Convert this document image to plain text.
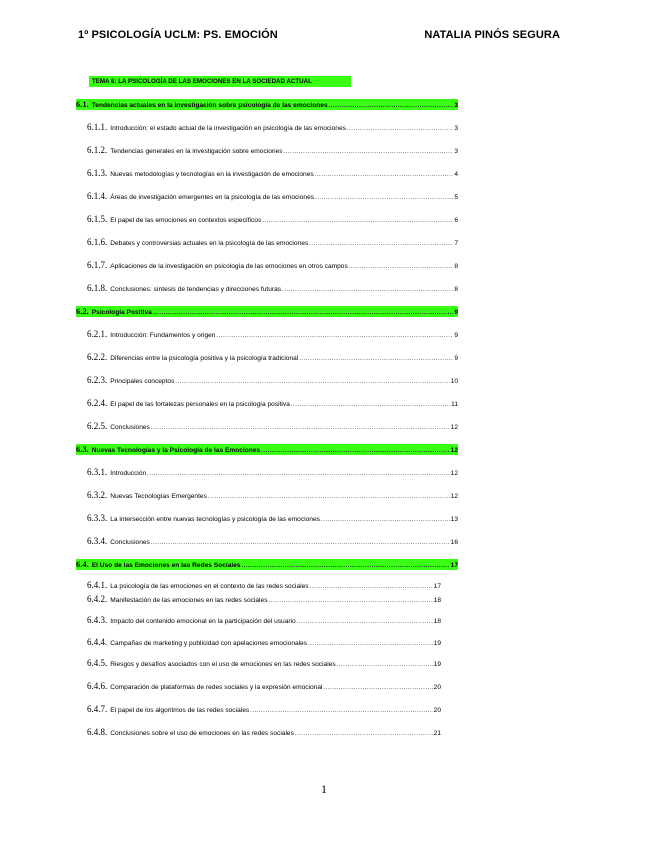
1º PSICOLOGÍA UCLM: PS. EMOCIÓN	NATALIA PINÓS SEGURA
TEMA 6: LA PSICOLOGÍA DE LAS EMOCIONES EN LA SOCIEDAD ACTUAL
6.1. Tendencias actuales en la investigación sobre psicología de las emociones .....	3
6.1.1. Introducción: el estado actual de la investigación en psicología de las emociones .....	3
6.1.2. Tendencias generales en la investigación sobre emociones .....	3
6.1.3. Nuevas metodologías y tecnologías en la investigación de emociones .....	4
6.1.4. Áreas de investigación emergentes en la psicología de las emociones .....	5
6.1.5. El papel de las emociones en contextos específicos .....	6
6.1.6. Debates y controversias actuales en la psicología de las emociones .....	7
6.1.7. Aplicaciones de la investigación en psicología de las emociones en otros campos .....	8
6.1.8. Conclusiones: síntesis de tendencias y direcciones futuras .....	8
6.2. Psicología Positiva .....	9
6.2.1. Introducción: Fundamentos y origen .....	9
6.2.2. Diferencias entre la psicología positiva y la psicología tradicional .....	9
6.2.3. Principales conceptos .....	10
6.2.4. El papel de las fortalezas personales en la psicología positiva .....	11
6.2.5. Conclusiones .....	12
6.3. Nuevas Tecnologías y la Psicología de las Emociones .....	12
6.3.1. Introducción .....	12
6.3.2. Nuevas Tecnologías Emergentes .....	12
6.3.3. La intersección entre nuevas tecnologías y psicología de las emociones .....	13
6.3.4. Conclusiones .....	16
6.4. El Uso de las Emociones en las Redes Sociales .....	17
6.4.1. La psicología de las emociones en el contexto de las redes sociales .....	17
6.4.2. Manifestación de las emociones en las redes sociales .....	18
6.4.3. Impacto del contenido emocional en la participación del usuario .....	18
6.4.4. Campañas de marketing y publicidad con apelaciones emocionales .....	19
6.4.5. Riesgos y desafíos asociados con el uso de emociones en las redes sociales .....	19
6.4.6. Comparación de plataformas de redes sociales y la expresión emocional .....	20
6.4.7. El papel de los algoritmos de las redes sociales .....	20
6.4.8. Conclusiones sobre el uso de emociones en las redes sociales .....	21
1
